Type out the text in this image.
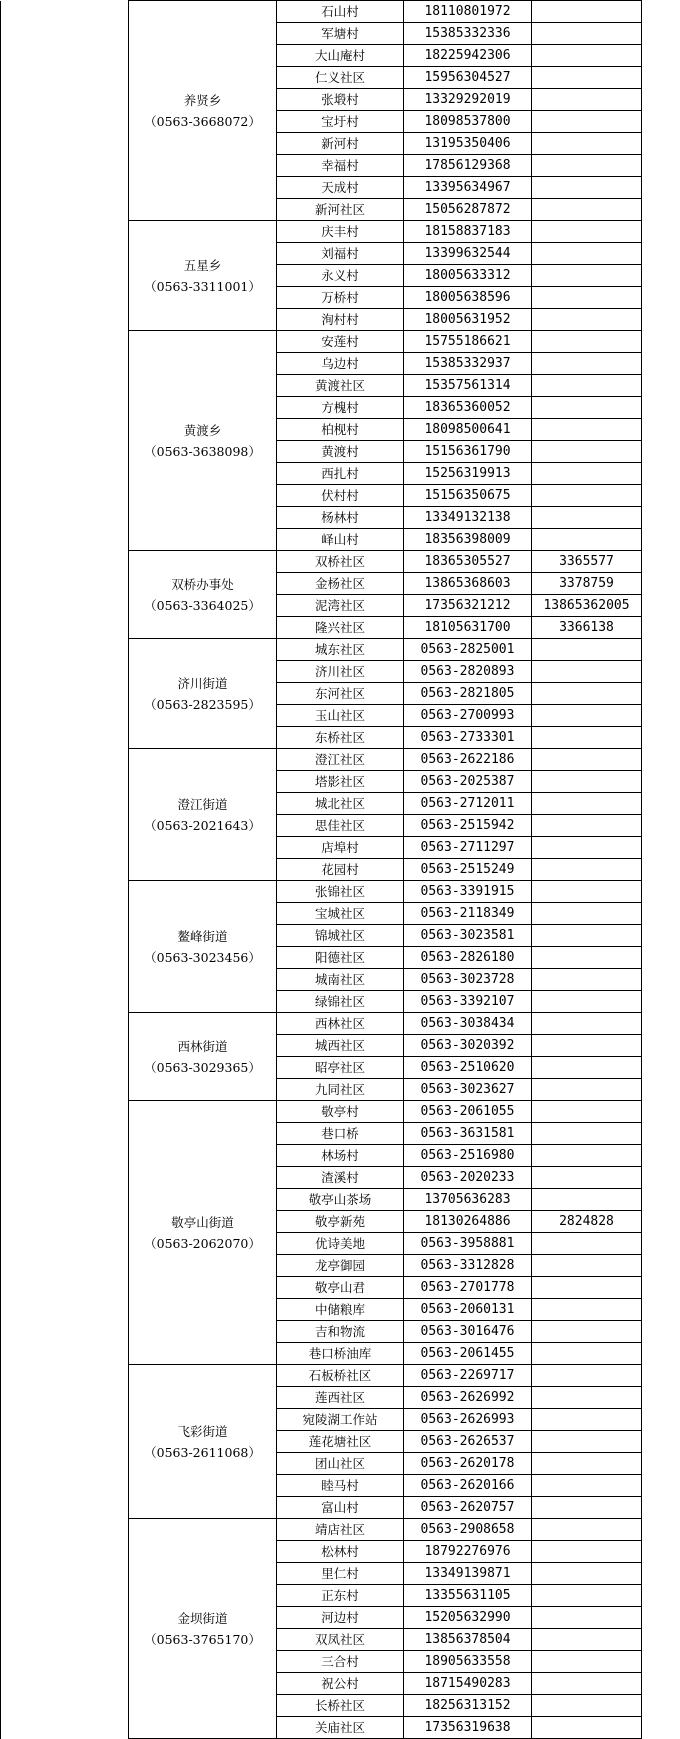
	养贤乡
（0563-3668072）	石山村	18110801972		
		军塘村	15385332336		
		大山庵村	18225942306		
		仁义社区	15956304527		
		张塅村	13329292019		
		宝圩村	18098537800		
		新河村	13195350406		
		幸福村	17856129368		
		天成村	13395634967		
		新河社区	15056287872		

	五星乡
（0563-3311001）	庆丰村	18158837183		
		刘福村	13399632544		
		永义村	18005633312		
		万桥村	18005638596		
		洵村村	18005631952		

	黄渡乡
（0563-3638098）	安莲村	15755186621		
		乌边村	15385332937		
		黄渡社区	15357561314		
		方槐村	18365360052		
		柏枧村	18098500641		
		黄渡村	15156361790		
		西扎村	15256319913		
		伏村村	15156350675		
		杨林村	13349132138		
		峄山村	18356398009		

	双桥办事处
（0563-3364025）	双桥社区	18365305527	3365577	
		金杨社区	13865368603	3378759	
		泥湾社区	17356321212	13865362005	
		隆兴社区	18105631700	3366138	

	济川街道
（0563-2823595）	城东社区	0563-2825001		
		济川社区	0563-2820893		
		东河社区	0563-2821805		
		玉山社区	0563-2700993		
		东桥社区	0563-2733301		

	澄江街道
（0563-2021643）	澄江社区	0563-2622186		
		塔影社区	0563-2025387		
		城北社区	0563-2712011		
		思佳社区	0563-2515942		
		店埠村	0563-2711297		
		花园村	0563-2515249		

	鳌峰街道
（0563-3023456）	张锦社区	0563-3391915		
		宝城社区	0563-2118349		
		锦城社区	0563-3023581		
		阳德社区	0563-2826180		
		城南社区	0563-3023728		
		绿锦社区	0563-3392107		

	西林街道
（0563-3029365）	西林社区	0563-3038434		
		城西社区	0563-3020392		
		昭亭社区	0563-2510620		
		九同社区	0563-3023627		

	敬亭山街道
（0563-2062070）	敬亭村	0563-2061055		
		巷口桥	0563-3631581		
		林场村	0563-2516980		
		渣溪村	0563-2020233		
		敬亭山茶场	13705636283		
		敬亭新苑	18130264886	2824828	
		优诗美地	0563-3958881		
		龙亭御园	0563-3312828		
		敬亭山君	0563-2701778		
		中储粮库	0563-2060131		
		吉和物流	0563-3016476		
		巷口桥油库	0563-2061455		

	飞彩街道
（0563-2611068）	石板桥社区	0563-2269717		
		莲西社区	0563-2626992		
		宛陵湖工作站	0563-2626993		
		莲花塘社区	0563-2626537		
		团山社区	0563-2620178		
		睦马村	0563-2620166		
		富山村	0563-2620757		

	金坝街道
（0563-3765170）	靖店社区	0563-2908658		
		松林村	18792276976		
		里仁村	13349139871		
		正东村	13355631105		
		河边村	15205632990		
		双凤社区	13856378504		
		三合村	18905633558		
		祝公村	18715490283		
		长桥社区	18256313152		
		关庙社区	17356319638		
